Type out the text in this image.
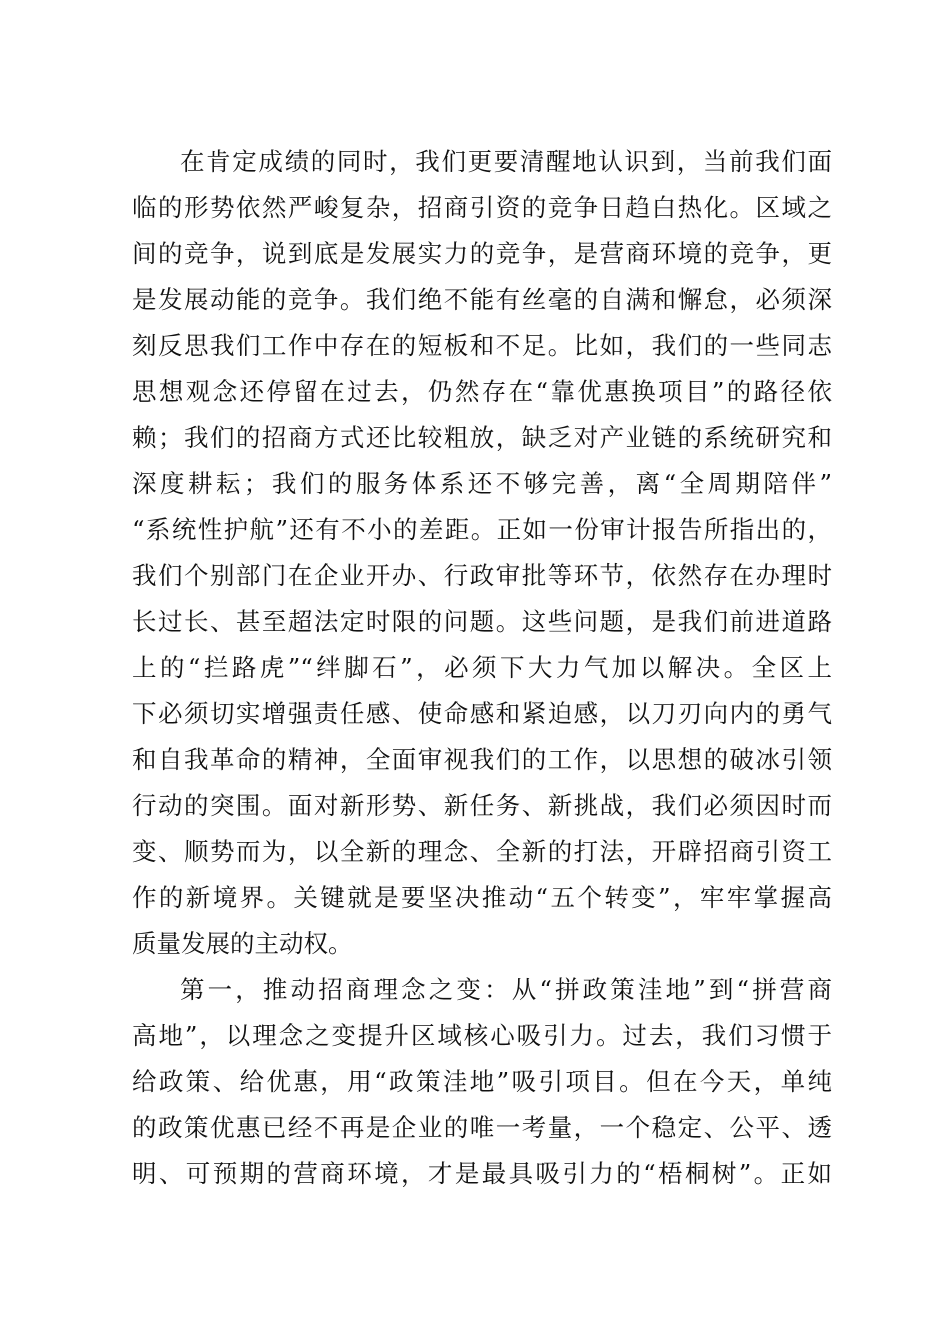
在肯定成绩的同时，我们更要清醒地认识到，当前我们面
临的形势依然严峻复杂，招商引资的竞争日趋白热化。区域之
间的竞争，说到底是发展实力的竞争，是营商环境的竞争，更
是发展动能的竞争。我们绝不能有丝毫的自满和懈怠，必须深
刻反思我们工作中存在的短板和不足。比如，我们的一些同志
思想观念还停留在过去，仍然存在“靠优惠换项目”的路径依
赖；我们的招商方式还比较粗放，缺乏对产业链的系统研究和
深度耕耘；我们的服务体系还不够完善，离“全周期陪伴”
“系统性护航”还有不小的差距。正如一份审计报告所指出的，
我们个别部门在企业开办、行政审批等环节，依然存在办理时
长过长、甚至超法定时限的问题。这些问题，是我们前进道路
上的“拦路虎”“绊脚石”，必须下大力气加以解决。全区上
下必须切实增强责任感、使命感和紧迫感，以刀刃向内的勇气
和自我革命的精神，全面审视我们的工作，以思想的破冰引领
行动的突围。面对新形势、新任务、新挑战，我们必须因时而
变、顺势而为，以全新的理念、全新的打法，开辟招商引资工
作的新境界。关键就是要坚决推动“五个转变”，牢牢掌握高
质量发展的主动权。
第一，推动招商理念之变：从“拼政策洼地”到“拼营商
高地”，以理念之变提升区域核心吸引力。过去，我们习惯于
给政策、给优惠，用“政策洼地”吸引项目。但在今天，单纯
的政策优惠已经不再是企业的唯一考量，一个稳定、公平、透
明、可预期的营商环境，才是最具吸引力的“梧桐树”。正如
